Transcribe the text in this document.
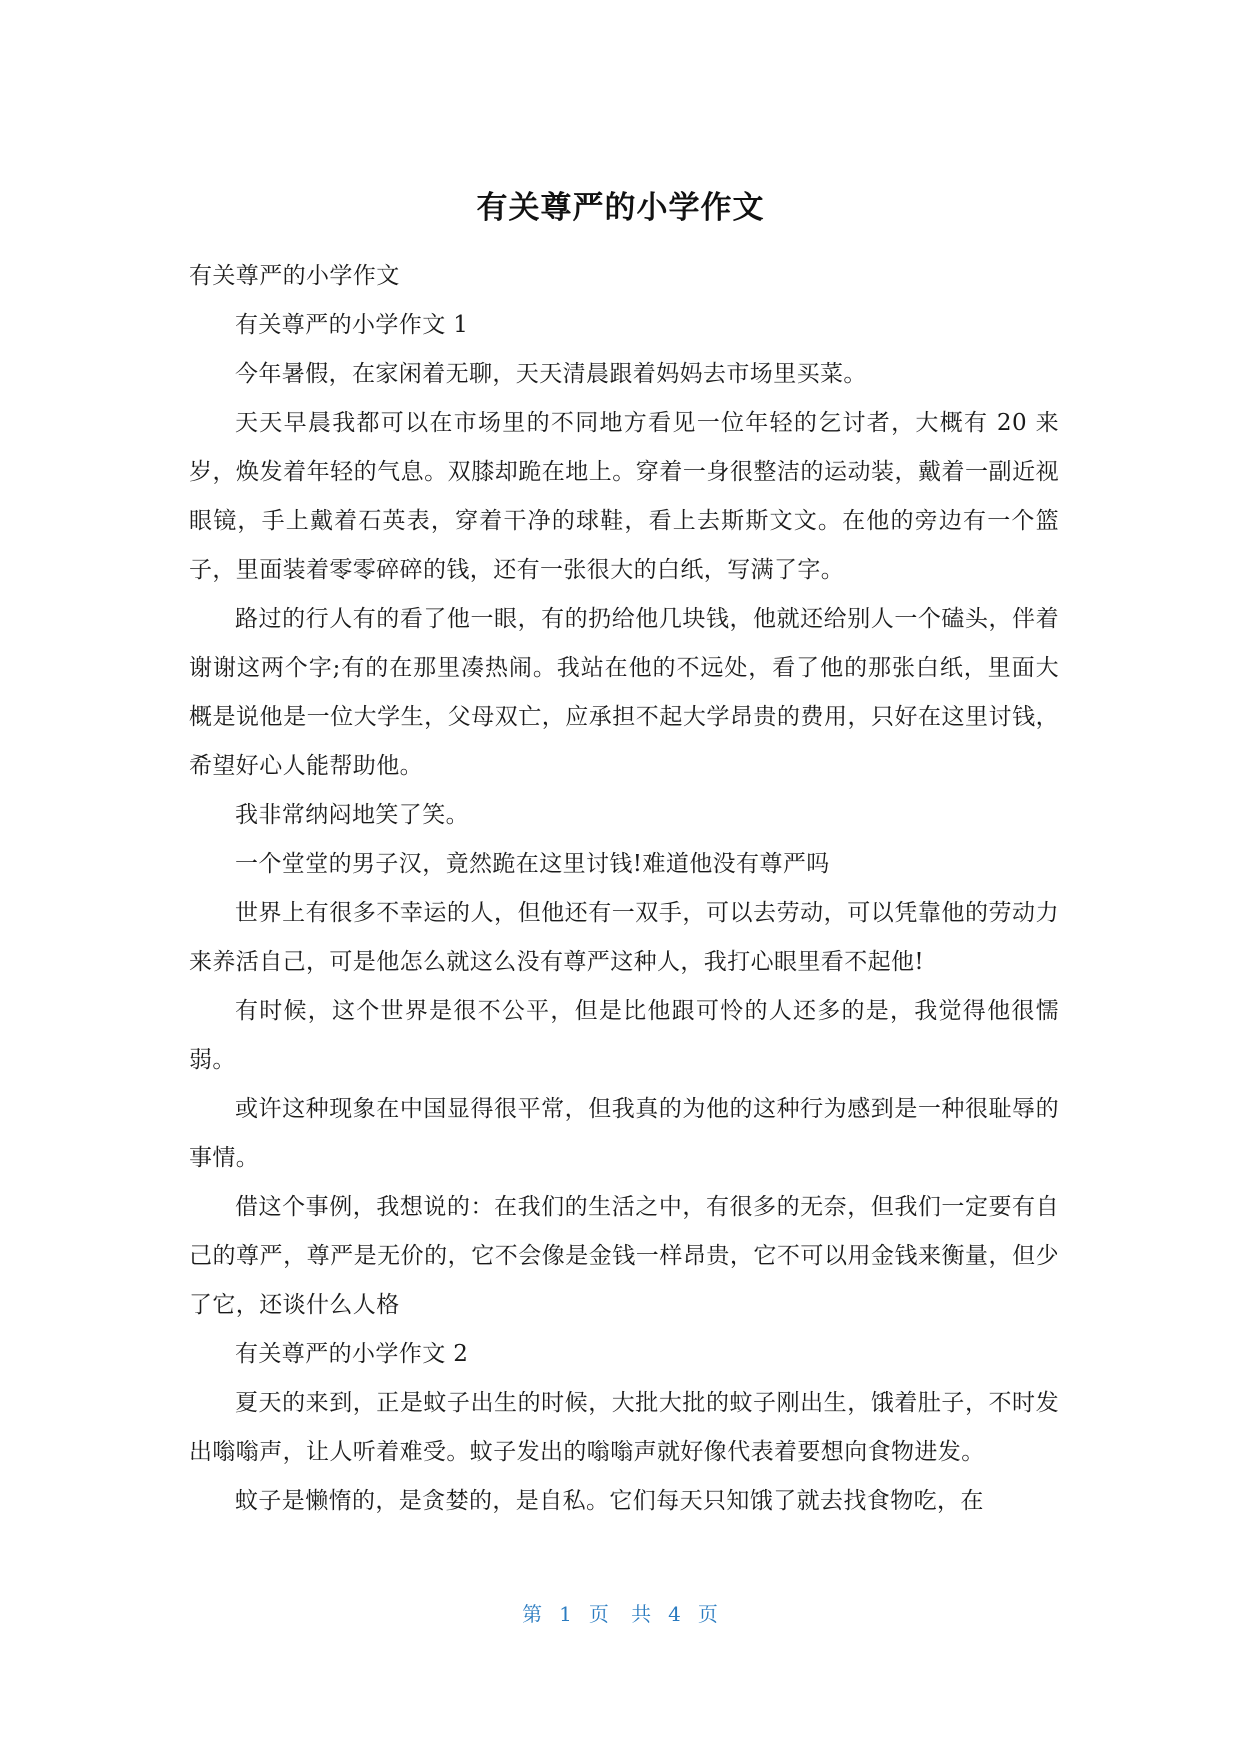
有关尊严的小学作文

有关尊严的小学作文

有关尊严的小学作文 1

今年暑假，在家闲着无聊，天天清晨跟着妈妈去市场里买菜。

天天早晨我都可以在市场里的不同地方看见一位年轻的乞讨者，大概有 20 来岁，焕发着年轻的气息。双膝却跪在地上。穿着一身很整洁的运动装，戴着一副近视眼镜，手上戴着石英表，穿着干净的球鞋，看上去斯斯文文。在他的旁边有一个篮子，里面装着零零碎碎的钱，还有一张很大的白纸，写满了字。

路过的行人有的看了他一眼，有的扔给他几块钱，他就还给别人一个磕头，伴着谢谢这两个字;有的在那里凑热闹。我站在他的不远处，看了他的那张白纸，里面大概是说他是一位大学生，父母双亡，应承担不起大学昂贵的费用，只好在这里讨钱，希望好心人能帮助他。

我非常纳闷地笑了笑。

一个堂堂的男子汉，竟然跪在这里讨钱!难道他没有尊严吗

世界上有很多不幸运的人，但他还有一双手，可以去劳动，可以凭靠他的劳动力来养活自己，可是他怎么就这么没有尊严这种人，我打心眼里看不起他!

有时候，这个世界是很不公平，但是比他跟可怜的人还多的是，我觉得他很懦弱。

或许这种现象在中国显得很平常，但我真的为他的这种行为感到是一种很耻辱的事情。

借这个事例，我想说的：在我们的生活之中，有很多的无奈，但我们一定要有自己的尊严，尊严是无价的，它不会像是金钱一样昂贵，它不可以用金钱来衡量，但少了它，还谈什么人格

有关尊严的小学作文 2

夏天的来到，正是蚊子出生的时候，大批大批的蚊子刚出生，饿着肚子，不时发出嗡嗡声，让人听着难受。蚊子发出的嗡嗡声就好像代表着要想向食物进发。

蚊子是懒惰的，是贪婪的，是自私。它们每天只知饿了就去找食物吃，在

第 1 页 共 4 页
